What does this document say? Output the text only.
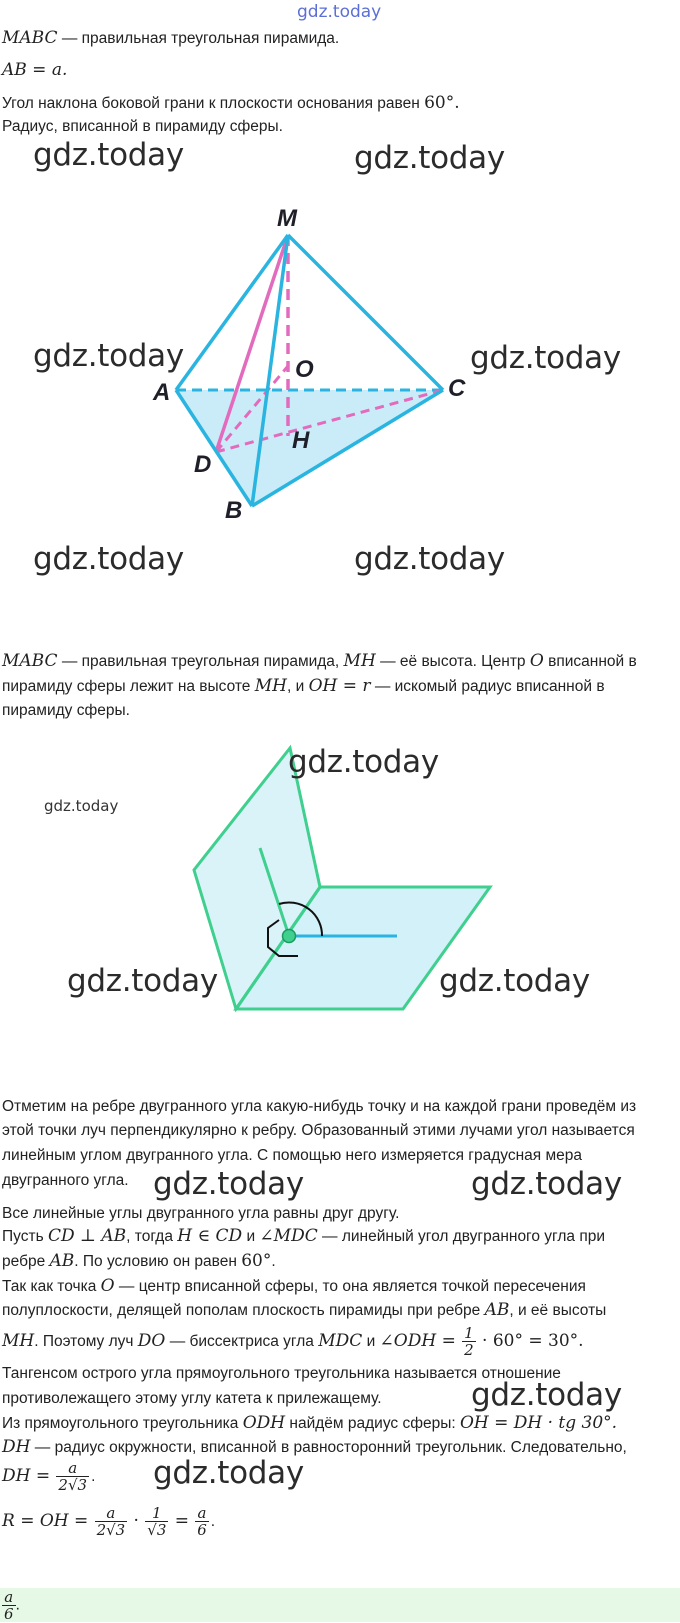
gdz.today
MABC — правильная треугольная пирамида.
AB = a.
Угол наклона боковой грани к плоскости основания равен 60°.
Радиус, вписанной в пирамиду сферы.
M
A	C
B
D
H
O
gdz.today	gdz.today
gdz.today	gdz.today
gdz.today	gdz.today
MABC — правильная треугольная пирамида, MH — её высота. Центр O вписанной в
пирамиду сферы лежит на высоте MH, и OH = r — искомый радиус вписанной в
пирамиду сферы.
gdz.today
gdz.today
gdz.today	gdz.today
Отметим на ребре двугранного угла какую-нибудь точку и на каждой грани проведём из
этой точки луч перпендикулярно к ребру. Образованный этими лучами угол называется
линейным углом двугранного угла. С помощью него измеряется градусная мера
двугранного угла.
Все линейные углы двугранного угла равны друг другу.
gdz.today	gdz.today
Пусть CD ⊥ AB, тогда H ∈ CD и ∠MDC — линейный угол двугранного угла при
ребре AB. По условию он равен 60°.
Так как точка O — центр вписанной сферы, то она является точкой пересечения
полуплоскости, делящей пополам плоскость пирамиды при ребре AB, и её высоты
MH. Поэтому луч DO — биссектриса угла MDC и ∠ODH = $\frac{1}{2} \cdot 60^\circ = 30^\circ$.
Тангенсом острого угла прямоугольного треугольника называется отношение
противолежащего этому углу катета к прилежащему.
Из прямоугольного треугольника ODH найдём радиус сферы: OH = DH · tg 30°.
DH — радиус окружности, вписанной в равносторонний треугольник. Следовательно,
DH = $\frac{a}{2√3}$ .
R = OH = $\frac{a}{2√3} \cdot \frac{1}{√3} = \frac{a}{6}$ .
gdz.today
gdz.today
$\frac{a}{6}$ .
